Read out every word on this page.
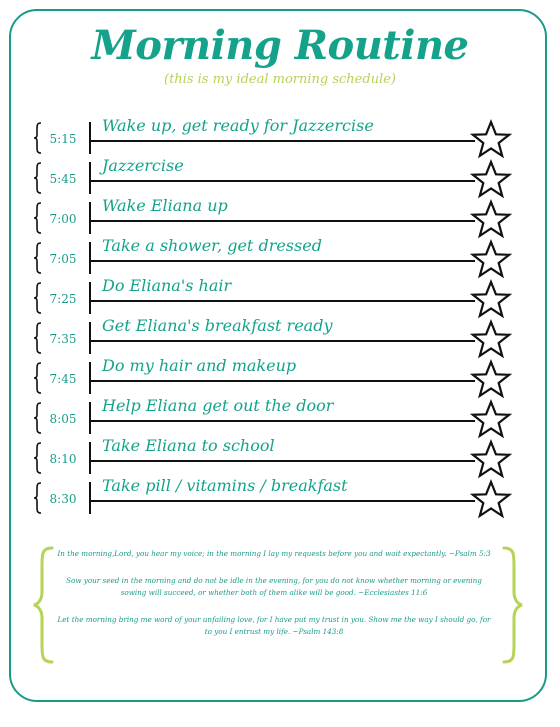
Morning Routine
(this is my ideal morning schedule)
5:15
Wake up, get ready for Jazzercise
5:45
Jazzercise
7:00
Wake Eliana up
7:05
Take a shower, get dressed
7:25
Do Eliana's hair
7:35
Get Eliana's breakfast ready
7:45
Do my hair and makeup
8:05
Help Eliana get out the door
8:10
Take Eliana to school
8:30
Take pill / vitamins / breakfast

In the morning,Lord, you hear my voice; in the morning I lay my requests before you and wait expectantly. ~Psalm 5:3

Sow your seed in the morning and do not be idle in the evening, for you do not know whether morning or evening sowing will succeed, or whether both of them alike will be good. ~Ecclesiastes 11:6

Let the morning bring me word of your unfailing love, for I have put my trust in you. Show me the way I should go, for to you I entrust my life. ~Psalm 143:8
